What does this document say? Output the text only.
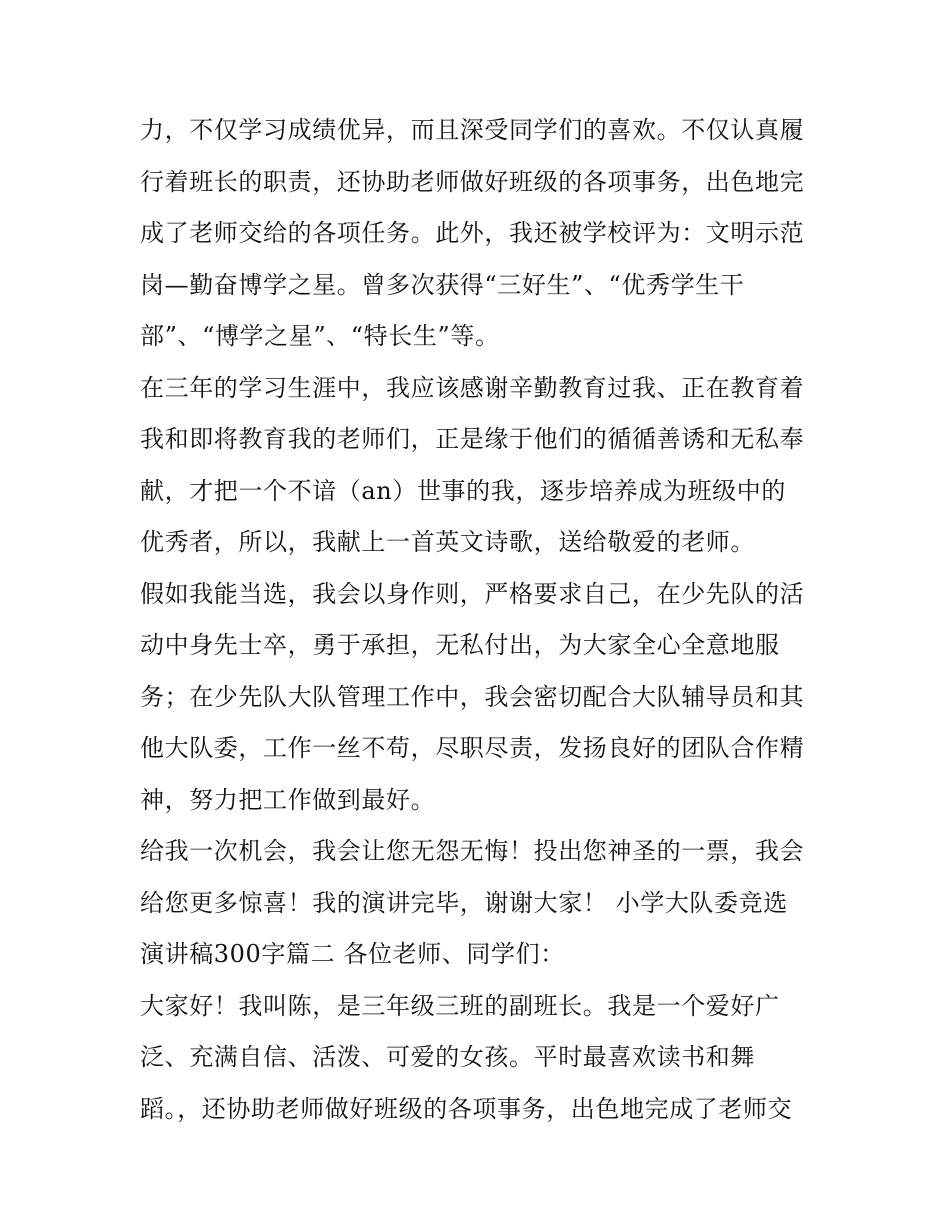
力，不仅学习成绩优异，而且深受同学们的喜欢。不仅认真履
行着班长的职责，还协助老师做好班级的各项事务，出色地完
成了老师交给的各项任务。此外，我还被学校评为：文明示范
岗—勤奋博学之星。曾多次获得“三好生”、“优秀学生干
部”、“博学之星”、“特长生”等。
在三年的学习生涯中，我应该感谢辛勤教育过我、正在教育着
我和即将教育我的老师们，正是缘于他们的循循善诱和无私奉
献，才把一个不谙（an）世事的我，逐步培养成为班级中的
优秀者，所以，我献上一首英文诗歌，送给敬爱的老师。
假如我能当选，我会以身作则，严格要求自己，在少先队的活
动中身先士卒，勇于承担，无私付出，为大家全心全意地服
务；在少先队大队管理工作中，我会密切配合大队辅导员和其
他大队委，工作一丝不苟，尽职尽责，发扬良好的团队合作精
神，努力把工作做到最好。
给我一次机会，我会让您无怨无悔！投出您神圣的一票，我会
给您更多惊喜！我的演讲完毕，谢谢大家！ 小学大队委竞选
演讲稿300字篇二 各位老师、同学们：
大家好！我叫陈，是三年级三班的副班长。我是一个爱好广
泛、充满自信、活泼、可爱的女孩。平时最喜欢读书和舞
蹈。，还协助老师做好班级的各项事务，出色地完成了老师交
